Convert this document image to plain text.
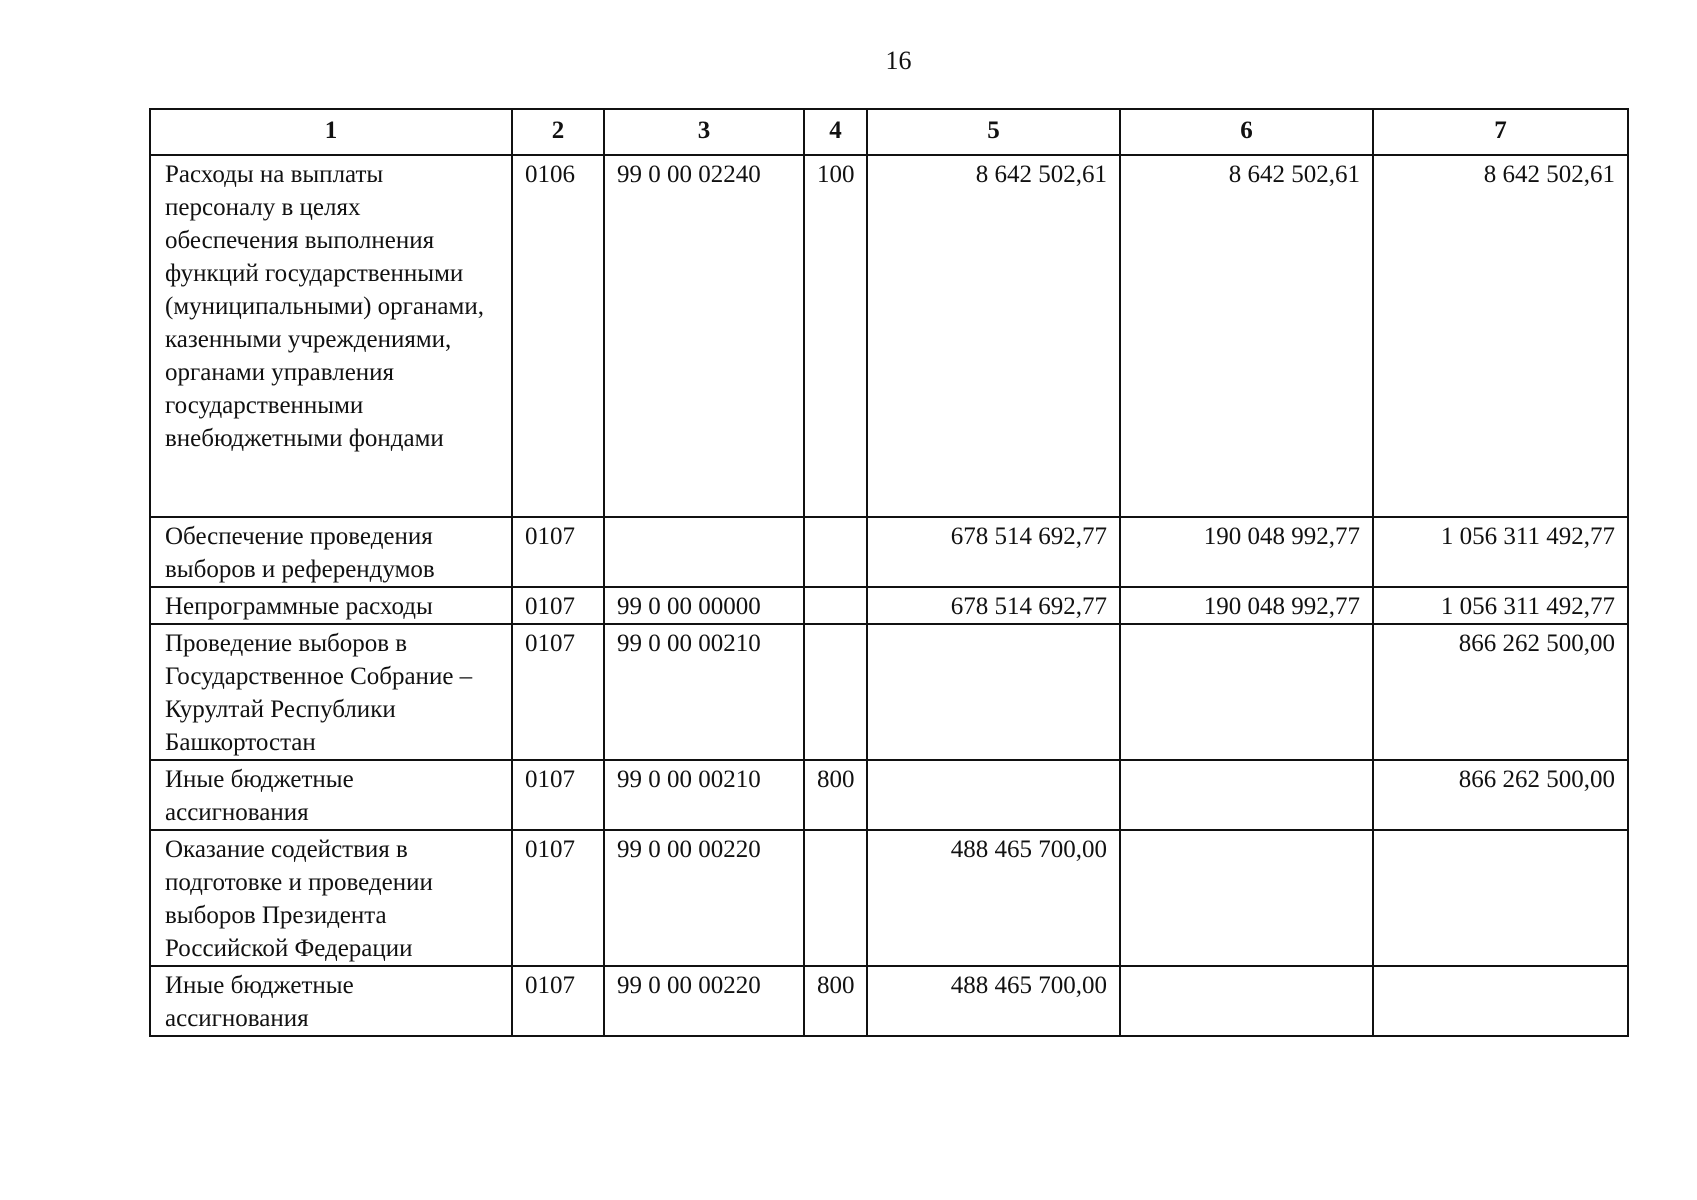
16
1	2	3	4	5	6	7
Расходы на выплаты персоналу в целях обеспечения выполнения функций государственными (муниципальными) органами, казенными учреждениями, органами управления государственными внебюджетными фондами	0106	99 0 00 02240	100	8 642 502,61	8 642 502,61	8 642 502,61
Обеспечение проведения выборов и референдумов	0107			678 514 692,77	190 048 992,77	1 056 311 492,77
Непрограммные расходы	0107	99 0 00 00000		678 514 692,77	190 048 992,77	1 056 311 492,77
Проведение выборов в Государственное Собрание – Курултай Республики Башкортостан	0107	99 0 00 00210				866 262 500,00
Иные бюджетные ассигнования	0107	99 0 00 00210	800			866 262 500,00
Оказание содействия в подготовке и проведении выборов Президента Российской Федерации	0107	99 0 00 00220		488 465 700,00		
Иные бюджетные ассигнования	0107	99 0 00 00220	800	488 465 700,00		
